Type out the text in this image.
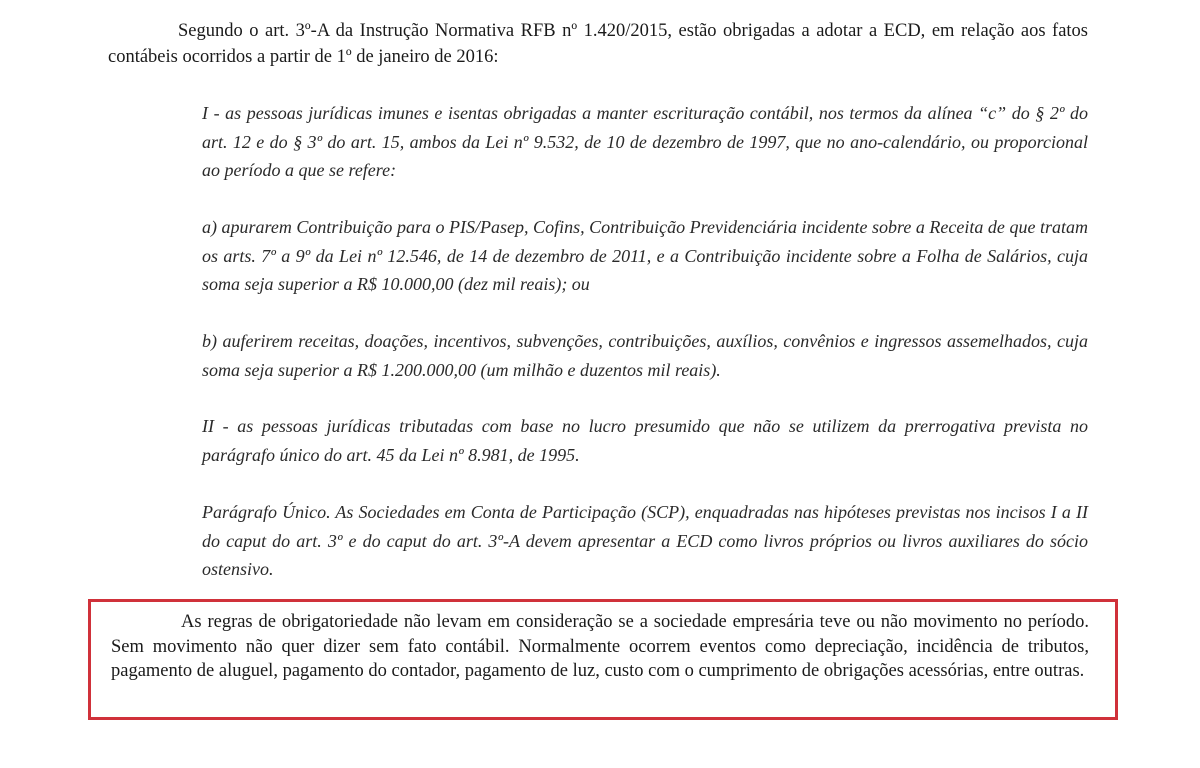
Segundo o art. 3º-A da Instrução Normativa RFB nº 1.420/2015, estão obrigadas a adotar a ECD, em relação aos fatos contábeis ocorridos a partir de 1º de janeiro de 2016:

I - as pessoas jurídicas imunes e isentas obrigadas a manter escrituração contábil, nos termos da alínea “c” do § 2º do art. 12 e do § 3º do art. 15, ambos da Lei nº 9.532, de 10 de dezembro de 1997, que no ano-calendário, ou proporcional ao período a que se refere:

a) apurarem Contribuição para o PIS/Pasep, Cofins, Contribuição Previdenciária incidente sobre a Receita de que tratam os arts. 7º a 9º da Lei nº 12.546, de 14 de dezembro de 2011, e a Contribuição incidente sobre a Folha de Salários, cuja soma seja superior a R$ 10.000,00 (dez mil reais); ou

b) auferirem receitas, doações, incentivos, subvenções, contribuições, auxílios, convênios e ingressos assemelhados, cuja soma seja superior a R$ 1.200.000,00 (um milhão e duzentos mil reais).

II - as pessoas jurídicas tributadas com base no lucro presumido que não se utilizem da prerrogativa prevista no parágrafo único do art. 45 da Lei nº 8.981, de 1995.

Parágrafo Único. As Sociedades em Conta de Participação (SCP), enquadradas nas hipóteses previstas nos incisos I a II do caput do art. 3º e do caput do art. 3º-A devem apresentar a ECD como livros próprios ou livros auxiliares do sócio ostensivo.

As regras de obrigatoriedade não levam em consideração se a sociedade empresária teve ou não movimento no período. Sem movimento não quer dizer sem fato contábil. Normalmente ocorrem eventos como depreciação, incidência de tributos, pagamento de aluguel, pagamento do contador, pagamento de luz, custo com o cumprimento de obrigações acessórias, entre outras.
